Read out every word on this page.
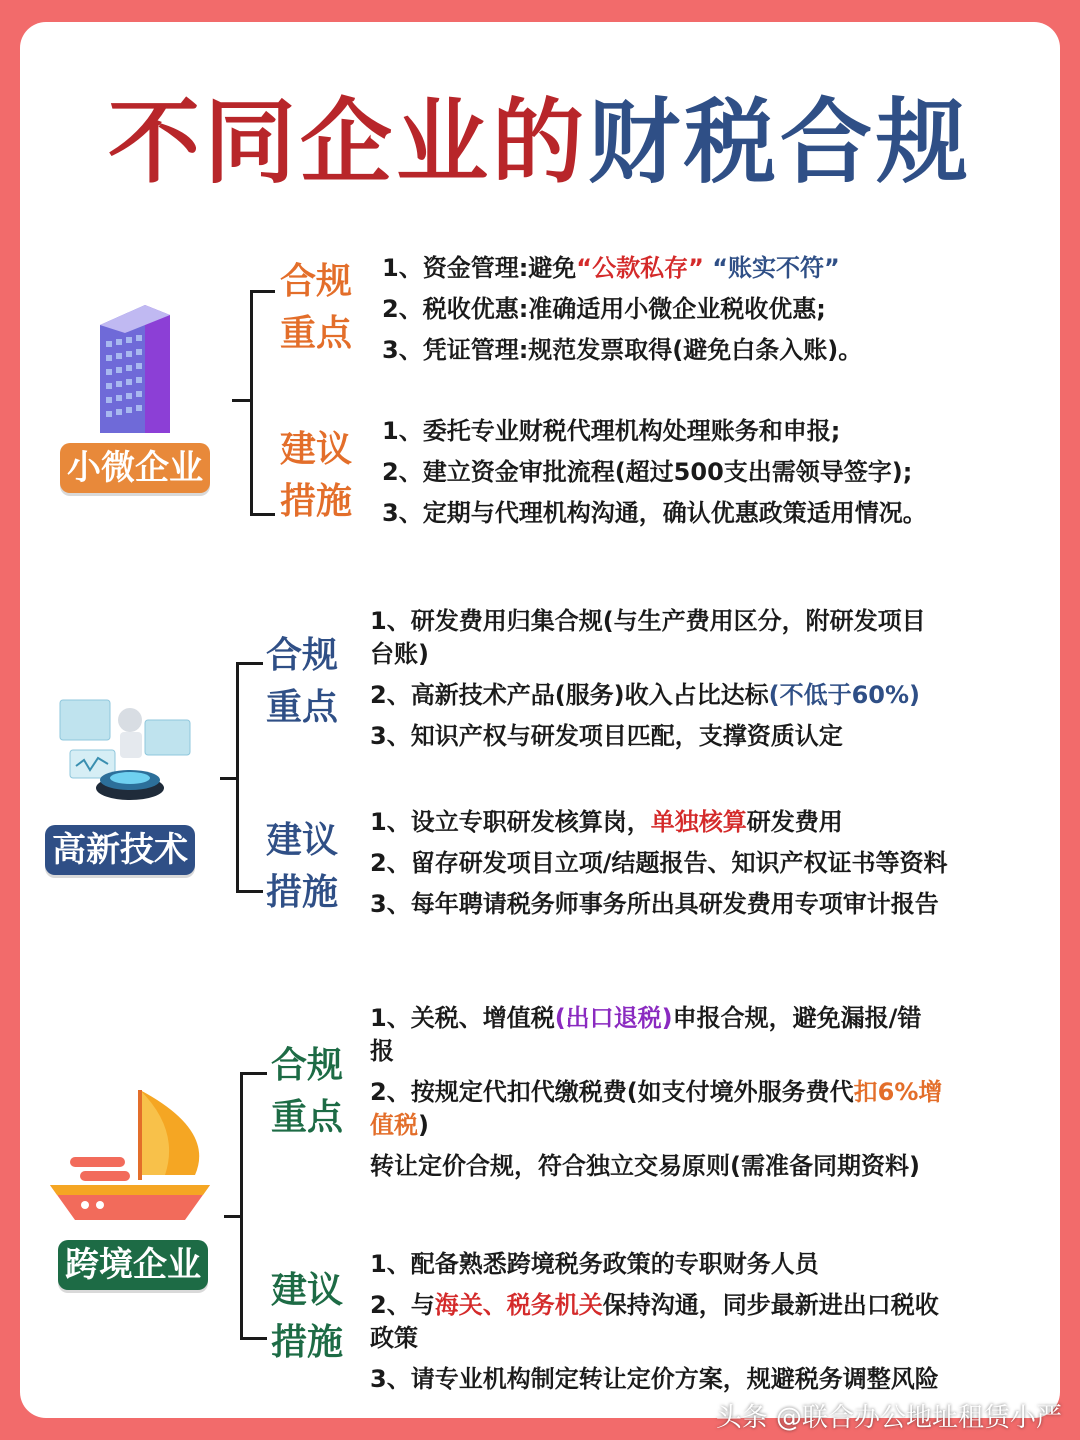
不同企业的财税合规
小微企业
合规
重点
1、资金管理:避免“公款私存” “账实不符”
2、税收优惠:准确适用小微企业税收优惠;
3、凭证管理:规范发票取得(避免白条入账)。
建议
措施
1、委托专业财税代理机构处理账务和申报;
2、建立资金审批流程(超过500支出需领导签字);
3、定期与代理机构沟通，确认优惠政策适用情况。
高新技术
合规
重点
1、研发费用归集合规(与生产费用区分，附研发项目
台账)
2、高新技术产品(服务)收入占比达标(不低于60%)
3、知识产权与研发项目匹配，支撑资质认定
建议
措施
1、设立专职研发核算岗，单独核算研发费用
2、留存研发项目立项/结题报告、知识产权证书等资料
3、每年聘请税务师事务所出具研发费用专项审计报告
跨境企业
合规
重点
1、关税、增值税(出口退税)申报合规，避免漏报/错
报
2、按规定代扣代缴税费(如支付境外服务费代扣6%增
值税)
转让定价合规，符合独立交易原则(需准备同期资料)
建议
措施
1、配备熟悉跨境税务政策的专职财务人员
2、与海关、税务机关保持沟通，同步最新进出口税收
政策
3、请专业机构制定转让定价方案，规避税务调整风险
头条 @联合办公地址租赁小严
